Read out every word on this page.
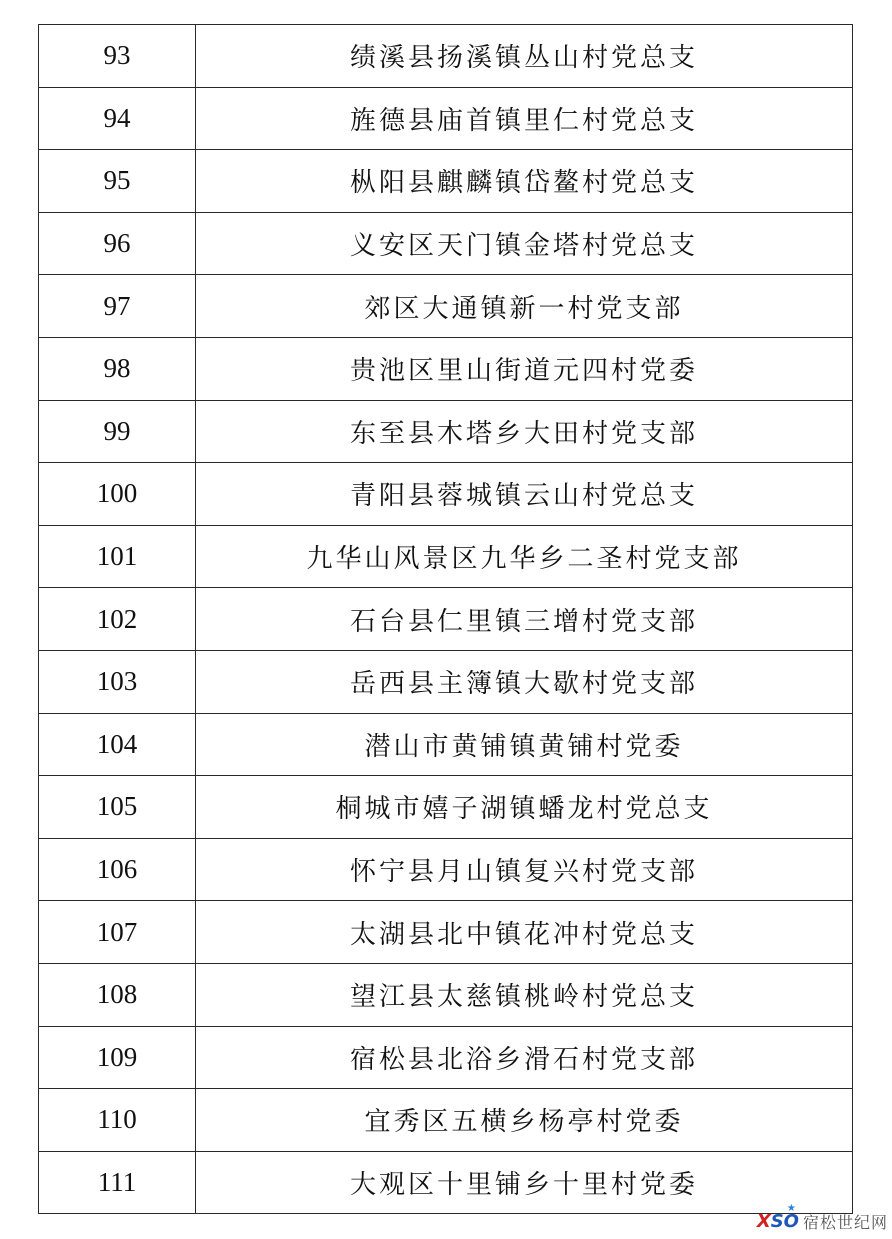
93	绩溪县扬溪镇丛山村党总支
94	旌德县庙首镇里仁村党总支
95	枞阳县麒麟镇岱鳌村党总支
96	义安区天门镇金塔村党总支
97	郊区大通镇新一村党支部
98	贵池区里山街道元四村党委
99	东至县木塔乡大田村党支部
100	青阳县蓉城镇云山村党总支
101	九华山风景区九华乡二圣村党支部
102	石台县仁里镇三增村党支部
103	岳西县主簿镇大歇村党支部
104	潜山市黄铺镇黄铺村党委
105	桐城市嬉子湖镇蟠龙村党总支
106	怀宁县月山镇复兴村党支部
107	太湖县北中镇花冲村党总支
108	望江县太慈镇桃岭村党总支
109	宿松县北浴乡滑石村党支部
110	宜秀区五横乡杨亭村党委
111	大观区十里铺乡十里村党委
XSO
★
宿松世纪网
